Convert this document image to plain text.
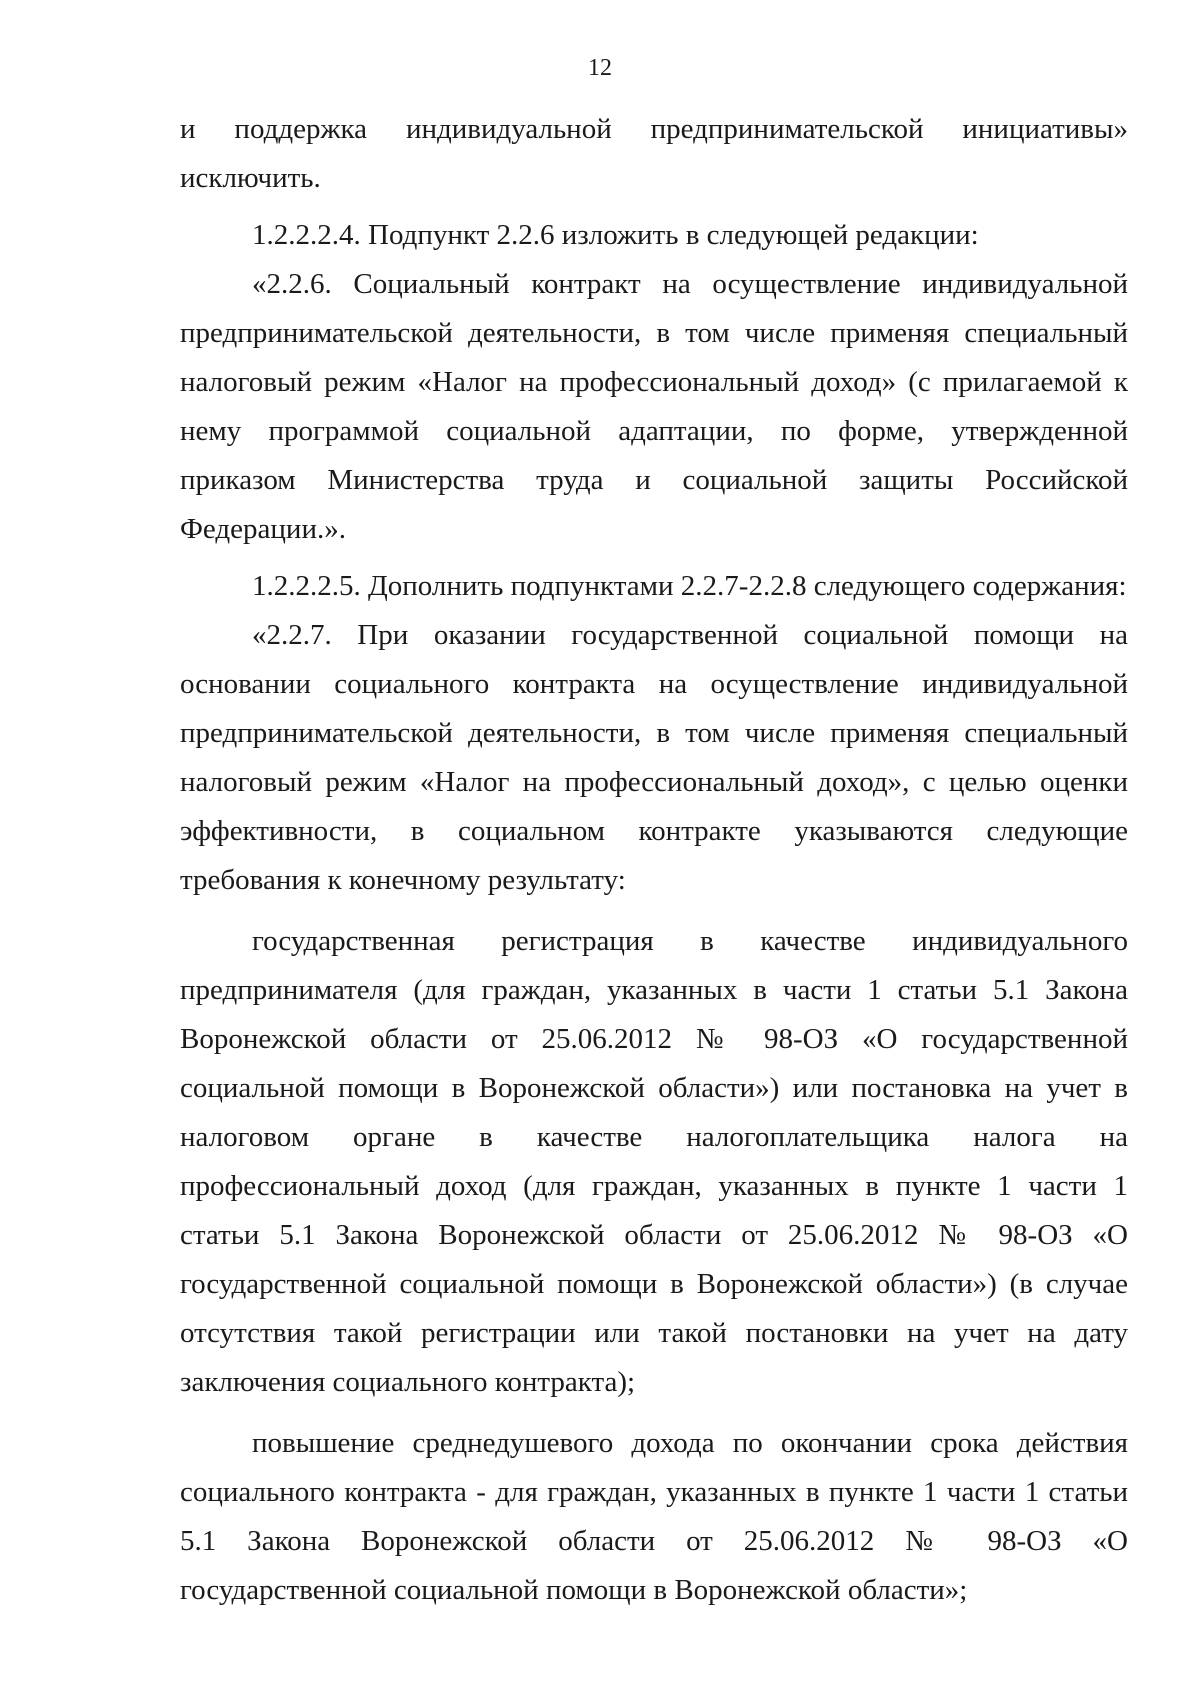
12

и поддержка индивидуальной предпринимательской инициативы» исключить.

1.2.2.2.4. Подпункт 2.2.6 изложить в следующей редакции:

«2.2.6. Социальный контракт на осуществление индивидуальной предпринимательской деятельности, в том числе применяя специальный налоговый режим «Налог на профессиональный доход» (с прилагаемой к нему программой социальной адаптации, по форме, утвержденной приказом Министерства труда и социальной защиты Российской Федерации.».

1.2.2.2.5. Дополнить подпунктами 2.2.7-2.2.8 следующего содержания:

«2.2.7. При оказании государственной социальной помощи на основании социального контракта на осуществление индивидуальной предпринимательской деятельности, в том числе применяя специальный налоговый режим «Налог на профессиональный доход», с целью оценки эффективности, в социальном контракте указываются следующие требования к конечному результату:

государственная регистрация в качестве индивидуального предпринимателя (для граждан, указанных в части 1 статьи 5.1 Закона Воронежской области от 25.06.2012 № 98-ОЗ «О государственной социальной помощи в Воронежской области») или постановка на учет в налоговом органе в качестве налогоплательщика налога на профессиональный доход (для граждан, указанных в пункте 1 части 1 статьи 5.1 Закона Воронежской области от 25.06.2012 № 98-ОЗ «О государственной социальной помощи в Воронежской области») (в случае отсутствия такой регистрации или такой постановки на учет на дату заключения социального контракта);

повышение среднедушевого дохода по окончании срока действия социального контракта - для граждан, указанных в пункте 1 части 1 статьи 5.1 Закона Воронежской области от 25.06.2012 № 98-ОЗ «О государственной социальной помощи в Воронежской области»;
